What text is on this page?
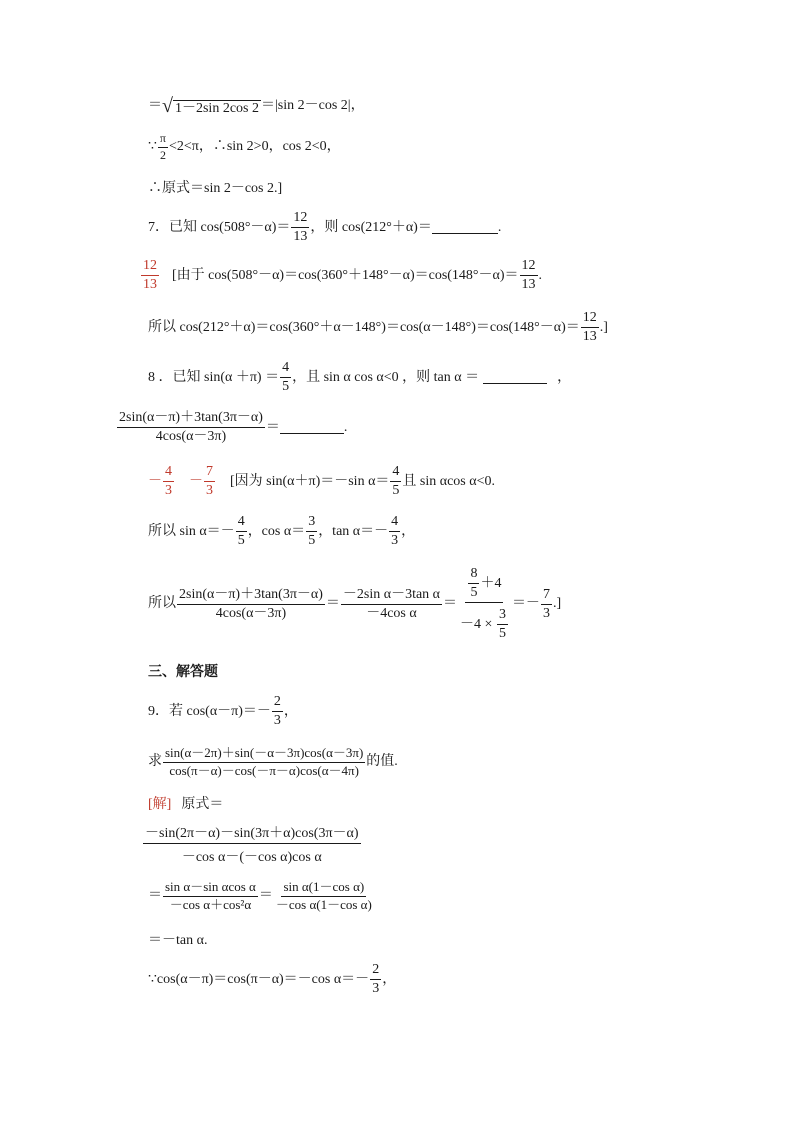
＝ √ 1－2sin 2cos 2 ＝|sin 2－cos 2|，
∵ $\frac{\pi}{2} <2<\pi$，∴sin 2>0，cos 2<0，
∴原式＝sin 2－cos 2.]
7．已知 $\cos(508^\circ-\alpha)= \frac{12}{13}$ ，则 cos(212°＋α)＝	.
$\frac{12}{13}$ [由于 $\cos(508^\circ-\alpha)=\cos(360^\circ+148^\circ-\alpha)=\cos(148^\circ-\alpha)= \frac{12}{13}$ .
所以 $\cos(212^\circ+\alpha)=\cos(360^\circ+\alpha-148^\circ)=\cos(\alpha-148^\circ)=\cos(148^\circ-\alpha)= \frac{12}{13}$ .]
8 ．已知 $\sin(\alpha +\pi) = \frac{4}{5}$ ，且 sin α cos α<0 ，则 tan α ＝	，
$\frac{2\sin(\alpha-\pi)+3\tan(3\pi-\alpha)}{4\cos(\alpha-3\pi)}$ ＝	.
－ $\frac{4}{3} - \frac{7}{3}$ [因为 sin(α＋π)＝－sin $\alpha= \frac{4}{5}$ 且 sin αcos α<0.
所以 $\sin \alpha=- \frac{4}{5}$ ，$\cos \alpha= \frac{3}{5}$ ，$\tan \alpha=- \frac{4}{3}$ ，
所以 $\frac{2\sin(\alpha-\pi)+3\tan(3\pi-\alpha)}{4\cos(\alpha-3\pi)} = \frac{\text{－2sin α－3tan α}}{\text{－4cos α}} = \frac{\frac{8}{5} +4}{-4 \times \frac{3}{5}} =- \frac{7}{3}$ .]
三、解答题
9．若 $\cos(\alpha-\pi)=- \frac{2}{3}$ ，
求 $\frac{\sin(\alpha-2\pi)+\sin(-\alpha-3\pi)\cos(\alpha-3\pi)}{\cos(\pi-\alpha)-\cos(-\pi-\alpha)\cos(\alpha-4\pi)}$ 的值.
[解] 原式＝
$\frac{-\sin(2\pi-\alpha)-\sin(3\pi+\alpha)\cos(3\pi-\alpha)}{\text{－cos α－(－cos α)cos α}}$
＝ $\frac{\text{sin α－sin αcos α}}{\text{－cos α＋cos²α}} = \frac{\text{sin α(1－cos α)}}{\text{－cos α(1－cos α)}}$
＝－tan α.
∵cos(α－π)＝cos(π－α)＝－cos $\alpha=- \frac{2}{3}$ ，
